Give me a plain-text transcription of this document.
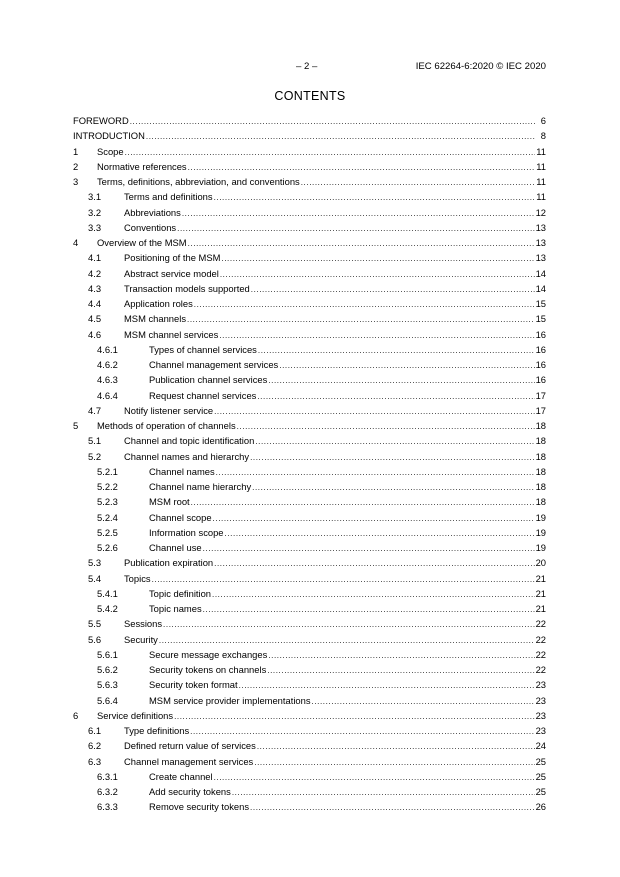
– 2 –	IEC 62264-6:2020 © IEC 2020
CONTENTS
FOREWORD .....	6
INTRODUCTION .....	8
1	Scope .....	11
2	Normative references .....	11
3	Terms, definitions, abbreviation, and conventions .....	11
3.1	Terms and definitions .....	11
3.2	Abbreviations .....	12
3.3	Conventions .....	13
4	Overview of the MSM .....	13
4.1	Positioning of the MSM .....	13
4.2	Abstract service model .....	14
4.3	Transaction models supported .....	14
4.4	Application roles .....	15
4.5	MSM channels .....	15
4.6	MSM channel services .....	16
4.6.1	Types of channel services .....	16
4.6.2	Channel management services .....	16
4.6.3	Publication channel services .....	16
4.6.4	Request channel services .....	17
4.7	Notify listener service .....	17
5	Methods of operation of channels .....	18
5.1	Channel and topic identification .....	18
5.2	Channel names and hierarchy .....	18
5.2.1	Channel names .....	18
5.2.2	Channel name hierarchy .....	18
5.2.3	MSM root .....	18
5.2.4	Channel scope .....	19
5.2.5	Information scope .....	19
5.2.6	Channel use .....	19
5.3	Publication expiration .....	20
5.4	Topics .....	21
5.4.1	Topic definition .....	21
5.4.2	Topic names .....	21
5.5	Sessions .....	22
5.6	Security .....	22
5.6.1	Secure message exchanges .....	22
5.6.2	Security tokens on channels .....	22
5.6.3	Security token format .....	23
5.6.4	MSM service provider implementations .....	23
6	Service definitions .....	23
6.1	Type definitions .....	23
6.2	Defined return value of services .....	24
6.3	Channel management services .....	25
6.3.1	Create channel .....	25
6.3.2	Add security tokens .....	25
6.3.3	Remove security tokens .....	26
